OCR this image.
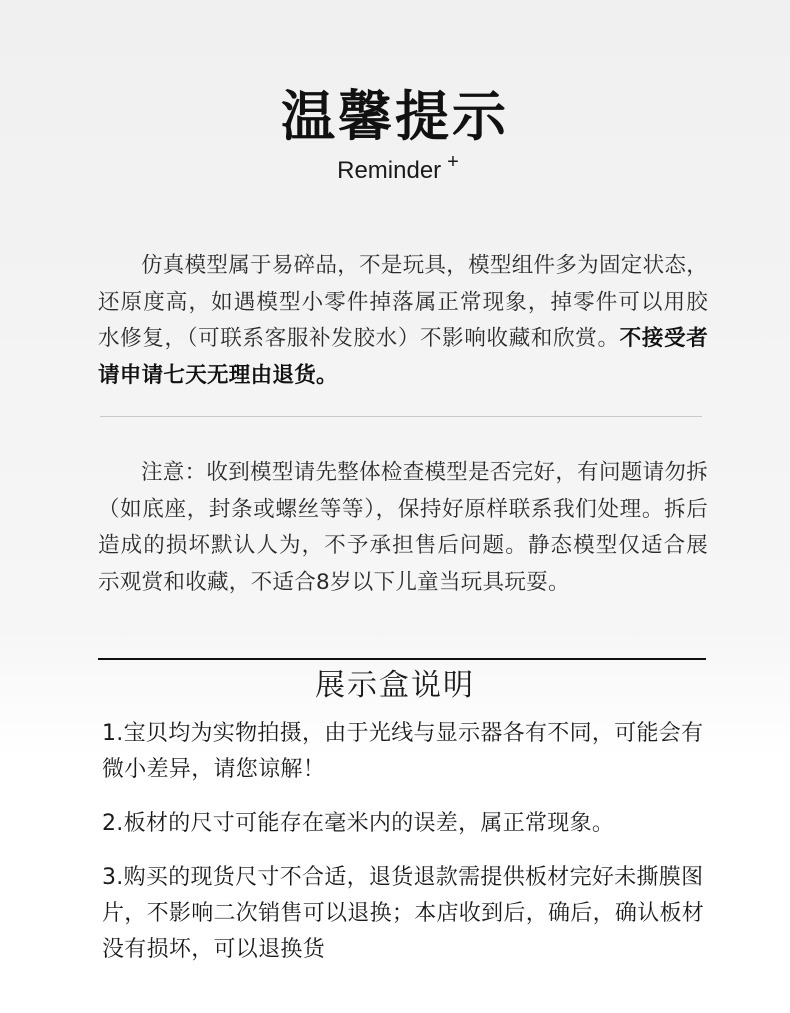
温馨提示
Reminder +

仿真模型属于易碎品，不是玩具，模型组件多为固定状态，还原度高，如遇模型小零件掉落属正常现象，掉零件可以用胶水修复，（可联系客服补发胶水）不影响收藏和欣赏。不接受者请申请七天无理由退货。

注意：收到模型请先整体检查模型是否完好，有问题请勿拆（如底座，封条或螺丝等等），保持好原样联系我们处理。拆后造成的损坏默认人为，不予承担售后问题。静态模型仅适合展示观赏和收藏，不适合8岁以下儿童当玩具玩耍。

展示盒说明
1.宝贝均为实物拍摄，由于光线与显示器各有不同，可能会有微小差异，请您谅解！
2.板材的尺寸可能存在毫米内的误差，属正常现象。
3.购买的现货尺寸不合适，退货退款需提供板材完好未撕膜图片，不影响二次销售可以退换；本店收到后，确后，确认板材没有损坏，可以退换货
